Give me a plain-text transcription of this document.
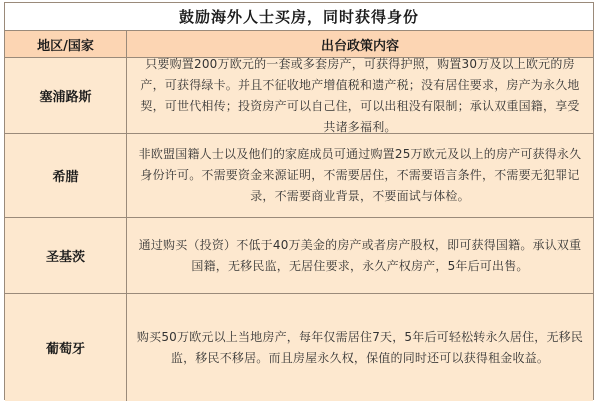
鼓励海外人士买房，同时获得身份
地区/国家	出台政策内容
塞浦路斯
只要购置200万欧元的一套或多套房产，可获得护照，购置30万及以上欧元的房产，可获得绿卡。并且不征收地产增值税和遗产税；没有居住要求，房产为永久地契，可世代相传；投资房产可以自己住，可以出租没有限制；承认双重国籍，享受共诸多福利。
希腊
非欧盟国籍人士以及他们的家庭成员可通过购置25万欧元及以上的房产可获得永久身份许可。不需要资金来源证明，不需要居住，不需要语言条件，不需要无犯罪记录，不需要商业背景，不要面试与体检。
圣基茨
通过购买（投资）不低于40万美金的房产或者房产股权，即可获得国籍。承认双重国籍，无移民监，无居住要求，永久产权房产，5年后可出售。
葡萄牙
购买50万欧元以上当地房产，每年仅需居住7天，5年后可轻松转永久居住，无移民监，移民不移居。而且房屋永久权，保值的同时还可以获得租金收益。
